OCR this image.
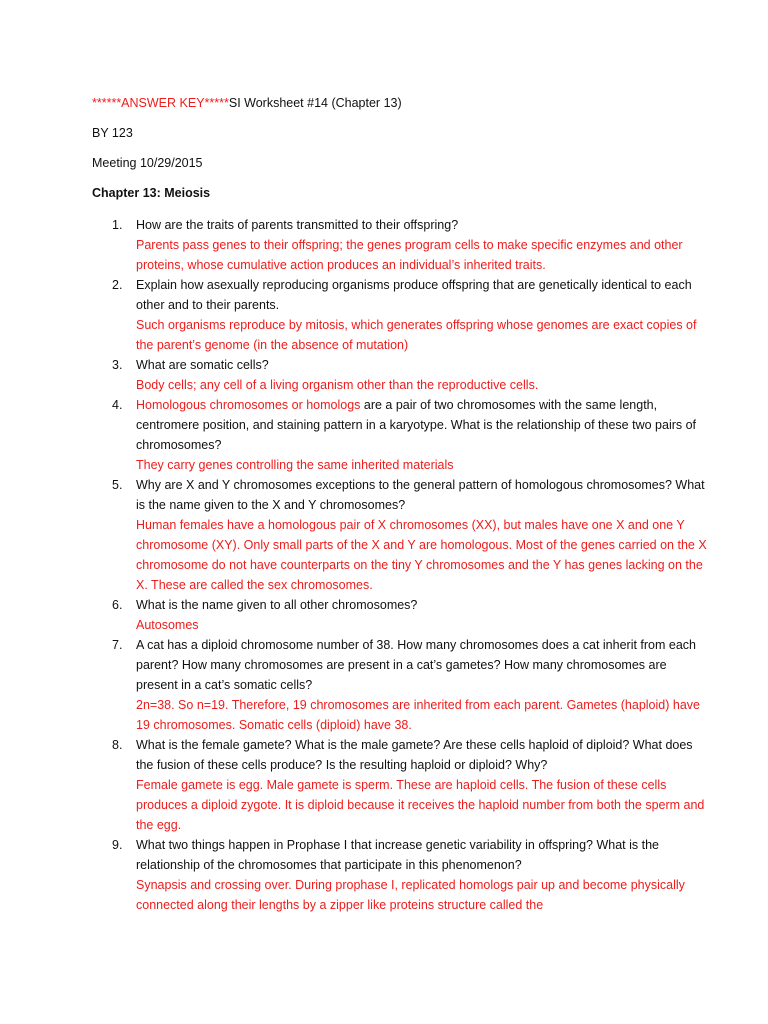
******ANSWER KEY*****SI Worksheet #14 (Chapter 13)
BY 123
Meeting 10/29/2015
Chapter 13: Meiosis
1. How are the traits of parents transmitted to their offspring?
Parents pass genes to their offspring; the genes program cells to make specific enzymes and other proteins, whose cumulative action produces an individual’s inherited traits.
2. Explain how asexually reproducing organisms produce offspring that are genetically identical to each other and to their parents.
Such organisms reproduce by mitosis, which generates offspring whose genomes are exact copies of the parent’s genome (in the absence of mutation)
3. What are somatic cells?
Body cells; any cell of a living organism other than the reproductive cells.
4. Homologous chromosomes or homologs are a pair of two chromosomes with the same length, centromere position, and staining pattern in a karyotype. What is the relationship of these two pairs of chromosomes?
They carry genes controlling the same inherited materials
5. Why are X and Y chromosomes exceptions to the general pattern of homologous chromosomes? What is the name given to the X and Y chromosomes?
Human females have a homologous pair of X chromosomes (XX), but males have one X and one Y chromosome (XY). Only small parts of the X and Y are homologous. Most of the genes carried on the X chromosome do not have counterparts on the tiny Y chromosomes and the Y has genes lacking on the X. These are called the sex chromosomes.
6. What is the name given to all other chromosomes?
Autosomes
7. A cat has a diploid chromosome number of 38. How many chromosomes does a cat inherit from each parent? How many chromosomes are present in a cat’s gametes? How many chromosomes are present in a cat’s somatic cells?
2n=38. So n=19. Therefore, 19 chromosomes are inherited from each parent. Gametes (haploid) have 19 chromosomes. Somatic cells (diploid) have 38.
8. What is the female gamete? What is the male gamete? Are these cells haploid of diploid? What does the fusion of these cells produce? Is the resulting haploid or diploid? Why?
Female gamete is egg. Male gamete is sperm. These are haploid cells. The fusion of these cells produces a diploid zygote. It is diploid because it receives the haploid number from both the sperm and the egg.
9. What two things happen in Prophase I that increase genetic variability in offspring? What is the relationship of the chromosomes that participate in this phenomenon?
Synapsis and crossing over. During prophase I, replicated homologs pair up and become physically connected along their lengths by a zipper like proteins structure called the
